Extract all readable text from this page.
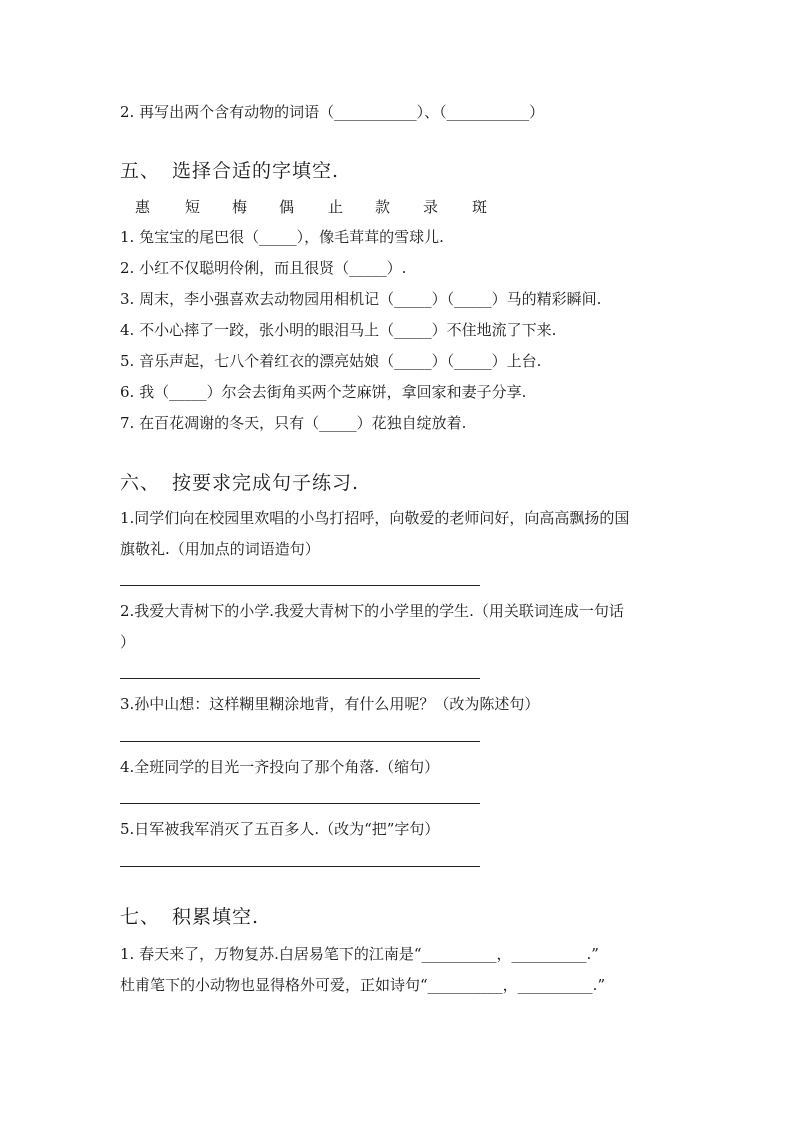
2. 再写出两个含有动物的词语（___________）、（___________）
五、 选择合适的字填空.
惠 短 梅 偶 止 款 录 斑
1. 兔宝宝的尾巴很（_____），像毛茸茸的雪球儿.
2. 小红不仅聪明伶俐，而且很贤（_____）.
3. 周末，李小强喜欢去动物园用相机记（_____）（_____）马的精彩瞬间.
4. 不小心摔了一跤，张小明的眼泪马上（_____）不住地流了下来.
5. 音乐声起，七八个着红衣的漂亮姑娘（_____）（_____）上台.
6. 我（_____）尔会去街角买两个芝麻饼，拿回家和妻子分享.
7. 在百花凋谢的冬天，只有（_____）花独自绽放着.
六、 按要求完成句子练习.
1.同学们向在校园里欢唱的小鸟打招呼，向敬爱的老师问好，向高高飘扬的国
旗敬礼.（用加点的词语造句）
2.我爱大青树下的小学.我爱大青树下的小学里的学生.（用关联词连成一句话
）
3.孙中山想：这样糊里糊涂地背，有什么用呢？（改为陈述句）
4.全班同学的目光一齐投向了那个角落.（缩句）
5.日军被我军消灭了五百多人.（改为“把”字句）
七、 积累填空.
1. 春天来了，万物复苏.白居易笔下的江南是“__________，__________.”
杜甫笔下的小动物也显得格外可爱，正如诗句“__________，__________.”
